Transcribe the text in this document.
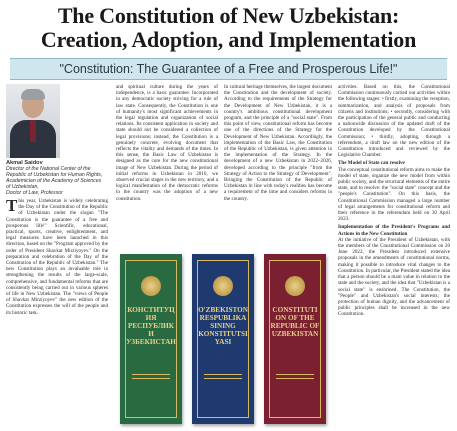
The Constitution of New Uzbekistan:
Creation, Adoption, and Implementation
"Constitution: The Guarantee of a Free and Prosperous Life!"
Akmal Saidov
Director of the National Center of the Republic of Uzbekistan for Human Rights, Academician of the Academy of Sciences of Uzbekistan,
Doctor of Law, Professor
This year, Uzbekistan is widely celebrating the Day of the Constitution of the Republic of Uzbekistan under the slogan "The Constitution is the guarantee of a free and prosperous life!" Scientific, educational, practical, sports, creative, enlightenment, and legal measures have been launched in this direction, based on the "Program approved by the order of President Shavkat Mirziyoyev." On the preparation and celebration of the Day of the Constitution of the Republic of Uzbekistan." The new Constitution plays an invaluable role in strengthening the results of the large-scale, comprehensive, and fundamental reforms that are consistently being carried out in various spheres of life in New Uzbekistan. The "views of People of Shavkat Mirziyoyev" the new edition of the Constitution expresses the will of the people and its historic task.
and spiritual culture during the years of independence, is a basic guarantee. Incorporated in any democratic society striving for a rule of law state. Consequently, the Constitution is one of humanity's most significant achievements in the legal regulation and organization of social relations. Its consistent application in society and state should not be considered a collection of legal provisions; instead, the Constitution is a genuinely concrete, evolving document that reflects the vitality and demands of the times. In this sense, the Basic Law of Uzbekistan is designed as the core for the new constitutional image of New Uzbekistan. During the period of initial reforms in Uzbekistan in 2016, we observed crucial stages in the new territory, and a logical manifestation of the democratic reforms in the country was the adoption of a new constitution.
In cultural heritage themselves, the largest document the Constitution and the development of society. According to the requirements of the Strategy for the Development of New Uzbekistan, it is a country's ambitious constitutional development program, and the principle of a "social state". From this point of view, constitutional reform has become one of the directions of the Strategy for the Development of New Uzbekistan. Accordingly, the implementation of the Basic Law, the Constitution of the Republic of Uzbekistan, is given attention in the implementation of the Strategy. In the development of a new Uzbekistan in 2022–2026, developed according to the principle "from the Strategy of Action to the Strategy of Development". Bringing the Constitution of the Republic of Uzbekistan in line with today's realities has become a requirement of the time and considers reforms in the country.
activities. Based on this, the Constitutional Commission continuously carried out activities within the following stages: • firstly, examining the reception, summarization, and analysis of proposals from citizens and institutions; • secondly, considering with the participation of the general public and conducting a nationwide discussion of the updated draft of the Constitution developed by the Constitutional Commission; • thirdly, adopting, through a referendum, a draft law on the new edition of the Constitution introduced and reviewed by the Legislative Chamber.
The Model of State can resolve
The conceptual constitutional reform aims to make the model of state, organize the new model from within public society, and the structural elements of the entire state, and to resolve: the "social state" concept and the "people's Constitution". On this basis, the Constitutional Commission managed a large number of legal arrangements for constitutional reform and their reference in the referendum held on 30 April 2023.
Implementation of the President's Programs and Actions in the New Constitution
At the initiative of the President of Uzbekistan, with the members of the Constitutional Commission on 20 June 2022, the President introduced extensive proposals in the amendments of constitutional norms, making it possible to introduce vital changes to the Constitution. In particular, the President stated the idea that a person should be a main value in relation to the state and the society, and the idea that "Uzbekistan is a social state" is enshrined. The Constitution, the "People" and Uzbekistan's social interests; the protection of human dignity, and the advancement of public principles shall be increased in the new Constitution.
КОНСТИТУЦИЯ РЕСПУБЛИКИ УЗБЕКИСТАН
O'ZBEKISTON RESPUBLIKASINING KONSTITUTSIYASI
CONSTITUTION OF THE REPUBLIC OF UZBEKISTAN
